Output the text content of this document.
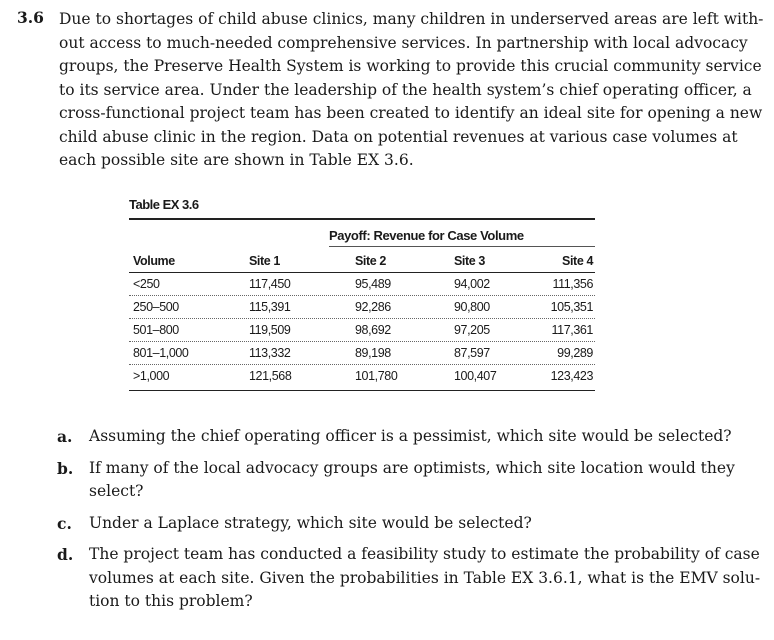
3.6 Due to shortages of child abuse clinics, many children in underserved areas are left with-
out access to much-needed comprehensive services. In partnership with local advocacy
groups, the Preserve Health System is working to provide this crucial community service
to its service area. Under the leadership of the health system’s chief operating officer, a
cross-functional project team has been created to identify an ideal site for opening a new
child abuse clinic in the region. Data on potential revenues at various case volumes at
each possible site are shown in Table EX 3.6.
Table EX 3.6
Payoff: Revenue for Case Volume
Volume	Site 1	Site 2	Site 3	Site 4
<250	117,450	95,489	94,002	111,356
250–500	115,391	92,286	90,800	105,351
501–800	119,509	98,692	97,205	117,361
801–1,000	113,332	89,198	87,597	99,289
>1,000	121,568	101,780	100,407	123,423
a. Assuming the chief operating officer is a pessimist, which site would be selected?
b. If many of the local advocacy groups are optimists, which site location would they
select?
c. Under a Laplace strategy, which site would be selected?
d. The project team has conducted a feasibility study to estimate the probability of case
volumes at each site. Given the probabilities in Table EX 3.6.1, what is the EMV solu-
tion to this problem?
